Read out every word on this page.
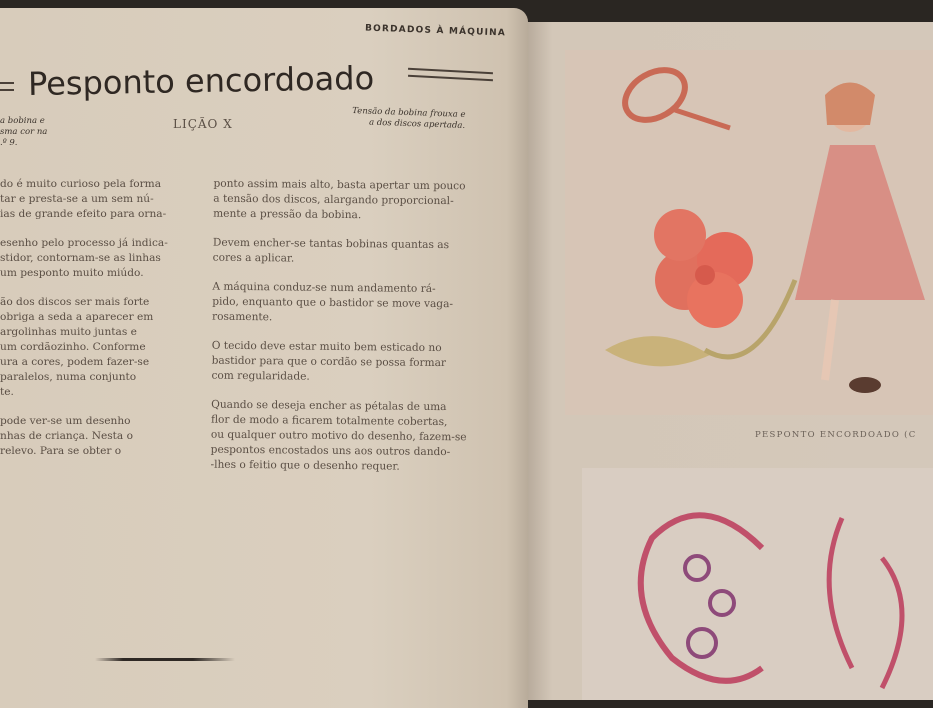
BORDADOS À MÁQUINA
Pesponto encordoado
a bobina e
sma cor na
.º 9.
LIÇÃO X
Tensão da bobina frouxa e
a dos discos apertada.
do é muito curioso pela forma
tar e presta-se a um sem nú-
ias de grande efeito para orna-
esenho pelo processo já indica-
stidor, contornam-se as linhas
um pesponto muito miúdo.
ão dos discos ser mais forte
obriga a seda a aparecer em
argolinhas muito juntas e
um cordãozinho. Conforme
ura a cores, podem fazer-se
paralelos, numa conjunto
te.
pode ver-se um desenho
nhas de criança. Nesta o
relevo. Para se obter o
ponto assim mais alto, basta apertar um pouco
a tensão dos discos, alargando proporcional-
mente a pressão da bobina.
Devem encher-se tantas bobinas quantas as
cores a aplicar.
A máquina conduz-se num andamento rá-
pido, enquanto que o bastidor se move vaga-
rosamente.
O tecido deve estar muito bem esticado no
bastidor para que o cordão se possa formar
com regularidade.
Quando se deseja encher as pétalas de uma
flor de modo a ficarem totalmente cobertas,
ou qualquer outro motivo do desenho, fazem-se
pespontos encostados uns aos outros dando-
-lhes o feitio que o desenho requer.
PESPONTO ENCORDOADO (C
